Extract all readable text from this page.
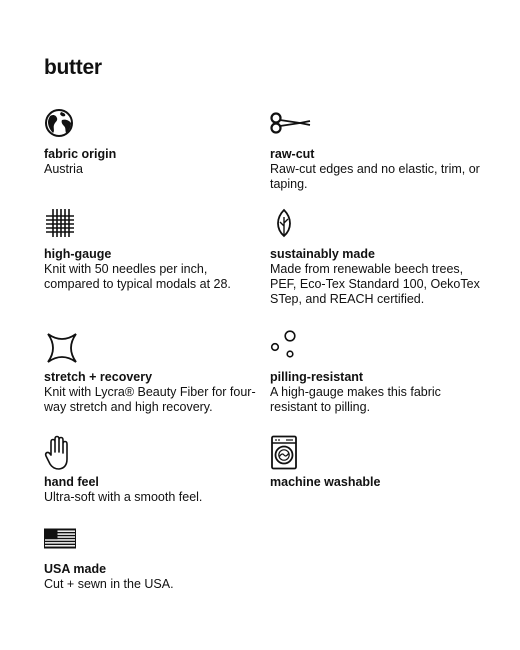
butter
fabric origin
Austria
raw-cut
Raw-cut edges and no elastic, trim, or taping.
high-gauge
Knit with 50 needles per inch, compared to typical modals at 28.
sustainably made
Made from renewable beech trees, PEF, Eco-Tex Standard 100, OekoTex STep, and REACH certified.
stretch + recovery
Knit with Lycra® Beauty Fiber for four-way stretch and high recovery.
pilling-resistant
A high-gauge makes this fabric resistant to pilling.
hand feel
Ultra-soft with a smooth feel.
machine washable
USA made
Cut + sewn in the USA.
